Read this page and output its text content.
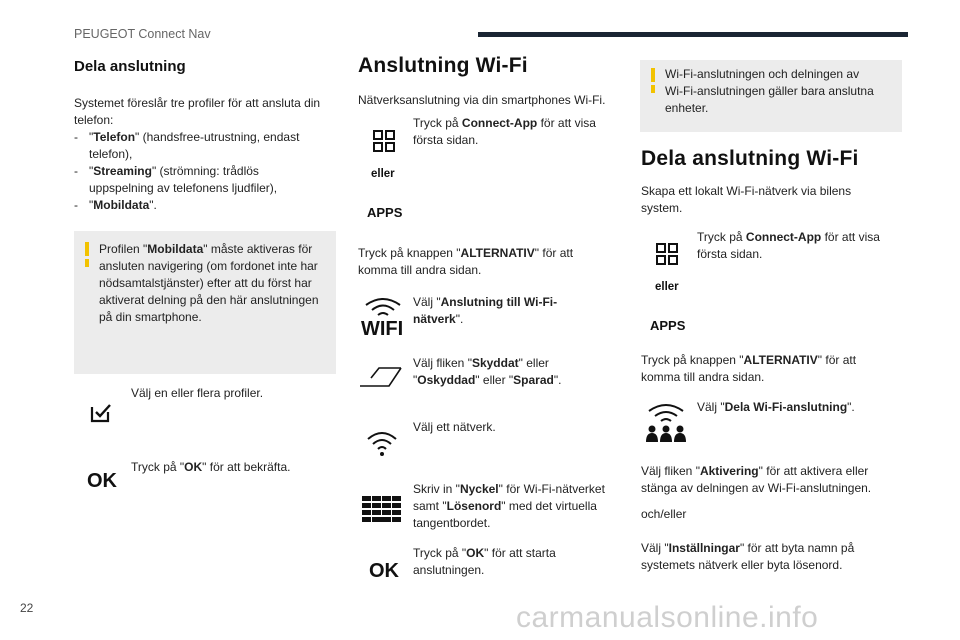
PEUGEOT Connect Nav
Dela anslutning
Systemet föreslår tre profiler för att ansluta din
telefon:
- "Telefon" (handsfree-utrustning, endast
telefon),
- "Streaming" (strömning: trådlös
uppspelning av telefonens ljudfiler),
- "Mobildata".
Profilen "Mobildata" måste aktiveras för
ansluten navigering (om fordonet inte har
nödsamtalstjänster) efter att du först har
aktiverat delning på den här anslutningen
på din smartphone.
Välj en eller flera profiler.
OK
Tryck på "OK" för att bekräfta.
Anslutning Wi-Fi
Nätverksanslutning via din smartphones Wi-Fi.
Tryck på Connect-App för att visa
första sidan.
eller
APPS
Tryck på knappen "ALTERNATIV" för att
komma till andra sidan.
WIFI
Välj "Anslutning till Wi-Fi-
nätverk".
Välj fliken "Skyddat" eller
"Oskyddad" eller "Sparad".
Välj ett nätverk.
Skriv in "Nyckel" för Wi-Fi-nätverket
samt "Lösenord" med det virtuella
tangentbordet.
OK
Tryck på "OK" för att starta
anslutningen.
Wi-Fi-anslutningen och delningen av
Wi-Fi-anslutningen gäller bara anslutna
enheter.
Dela anslutning Wi-Fi
Skapa ett lokalt Wi-Fi-nätverk via bilens
system.
Tryck på Connect-App för att visa
första sidan.
eller
APPS
Tryck på knappen "ALTERNATIV" för att
komma till andra sidan.
Välj "Dela Wi-Fi-anslutning".
Välj fliken "Aktivering" för att aktivera eller
stänga av delningen av Wi-Fi-anslutningen.
och/eller
Välj "Inställningar" för att byta namn på
systemets nätverk eller byta lösenord.
22	carmanualsonline.info
